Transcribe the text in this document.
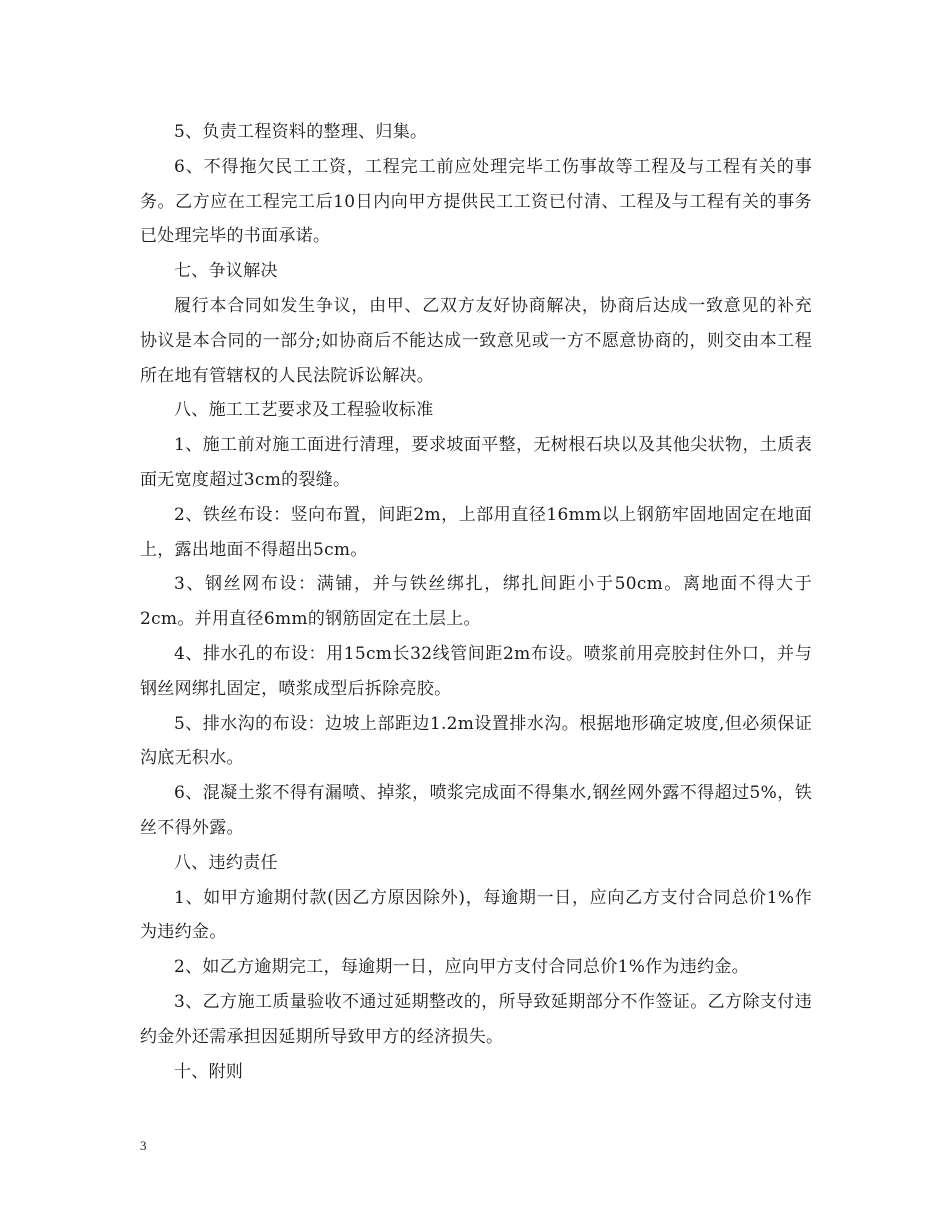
5、负责工程资料的整理、归集。

6、不得拖欠民工工资，工程完工前应处理完毕工伤事故等工程及与工程有关的事务。乙方应在工程完工后10日内向甲方提供民工工资已付清、工程及与工程有关的事务已处理完毕的书面承诺。

七、争议解决

履行本合同如发生争议，由甲、乙双方友好协商解决，协商后达成一致意见的补充协议是本合同的一部分;如协商后不能达成一致意见或一方不愿意协商的，则交由本工程所在地有管辖权的人民法院诉讼解决。

八、施工工艺要求及工程验收标准

1、施工前对施工面进行清理，要求坡面平整，无树根石块以及其他尖状物，土质表面无宽度超过3cm的裂缝。

2、铁丝布设：竖向布置，间距2m，上部用直径16mm以上钢筋牢固地固定在地面上，露出地面不得超出5cm。

3、钢丝网布设：满铺，并与铁丝绑扎，绑扎间距小于50cm。离地面不得大于2cm。并用直径6mm的钢筋固定在土层上。

4、排水孔的布设：用15cm长32线管间距2m布设。喷浆前用亮胶封住外口，并与钢丝网绑扎固定，喷浆成型后拆除亮胶。

5、排水沟的布设：边坡上部距边1.2m设置排水沟。根据地形确定坡度,但必须保证沟底无积水。

6、混凝土浆不得有漏喷、掉浆，喷浆完成面不得集水,钢丝网外露不得超过5%，铁丝不得外露。

八、违约责任

1、如甲方逾期付款(因乙方原因除外)，每逾期一日，应向乙方支付合同总价1%作为违约金。

2、如乙方逾期完工，每逾期一日，应向甲方支付合同总价1%作为违约金。

3、乙方施工质量验收不通过延期整改的，所导致延期部分不作签证。乙方除支付违约金外还需承担因延期所导致甲方的经济损失。

十、附则

3
